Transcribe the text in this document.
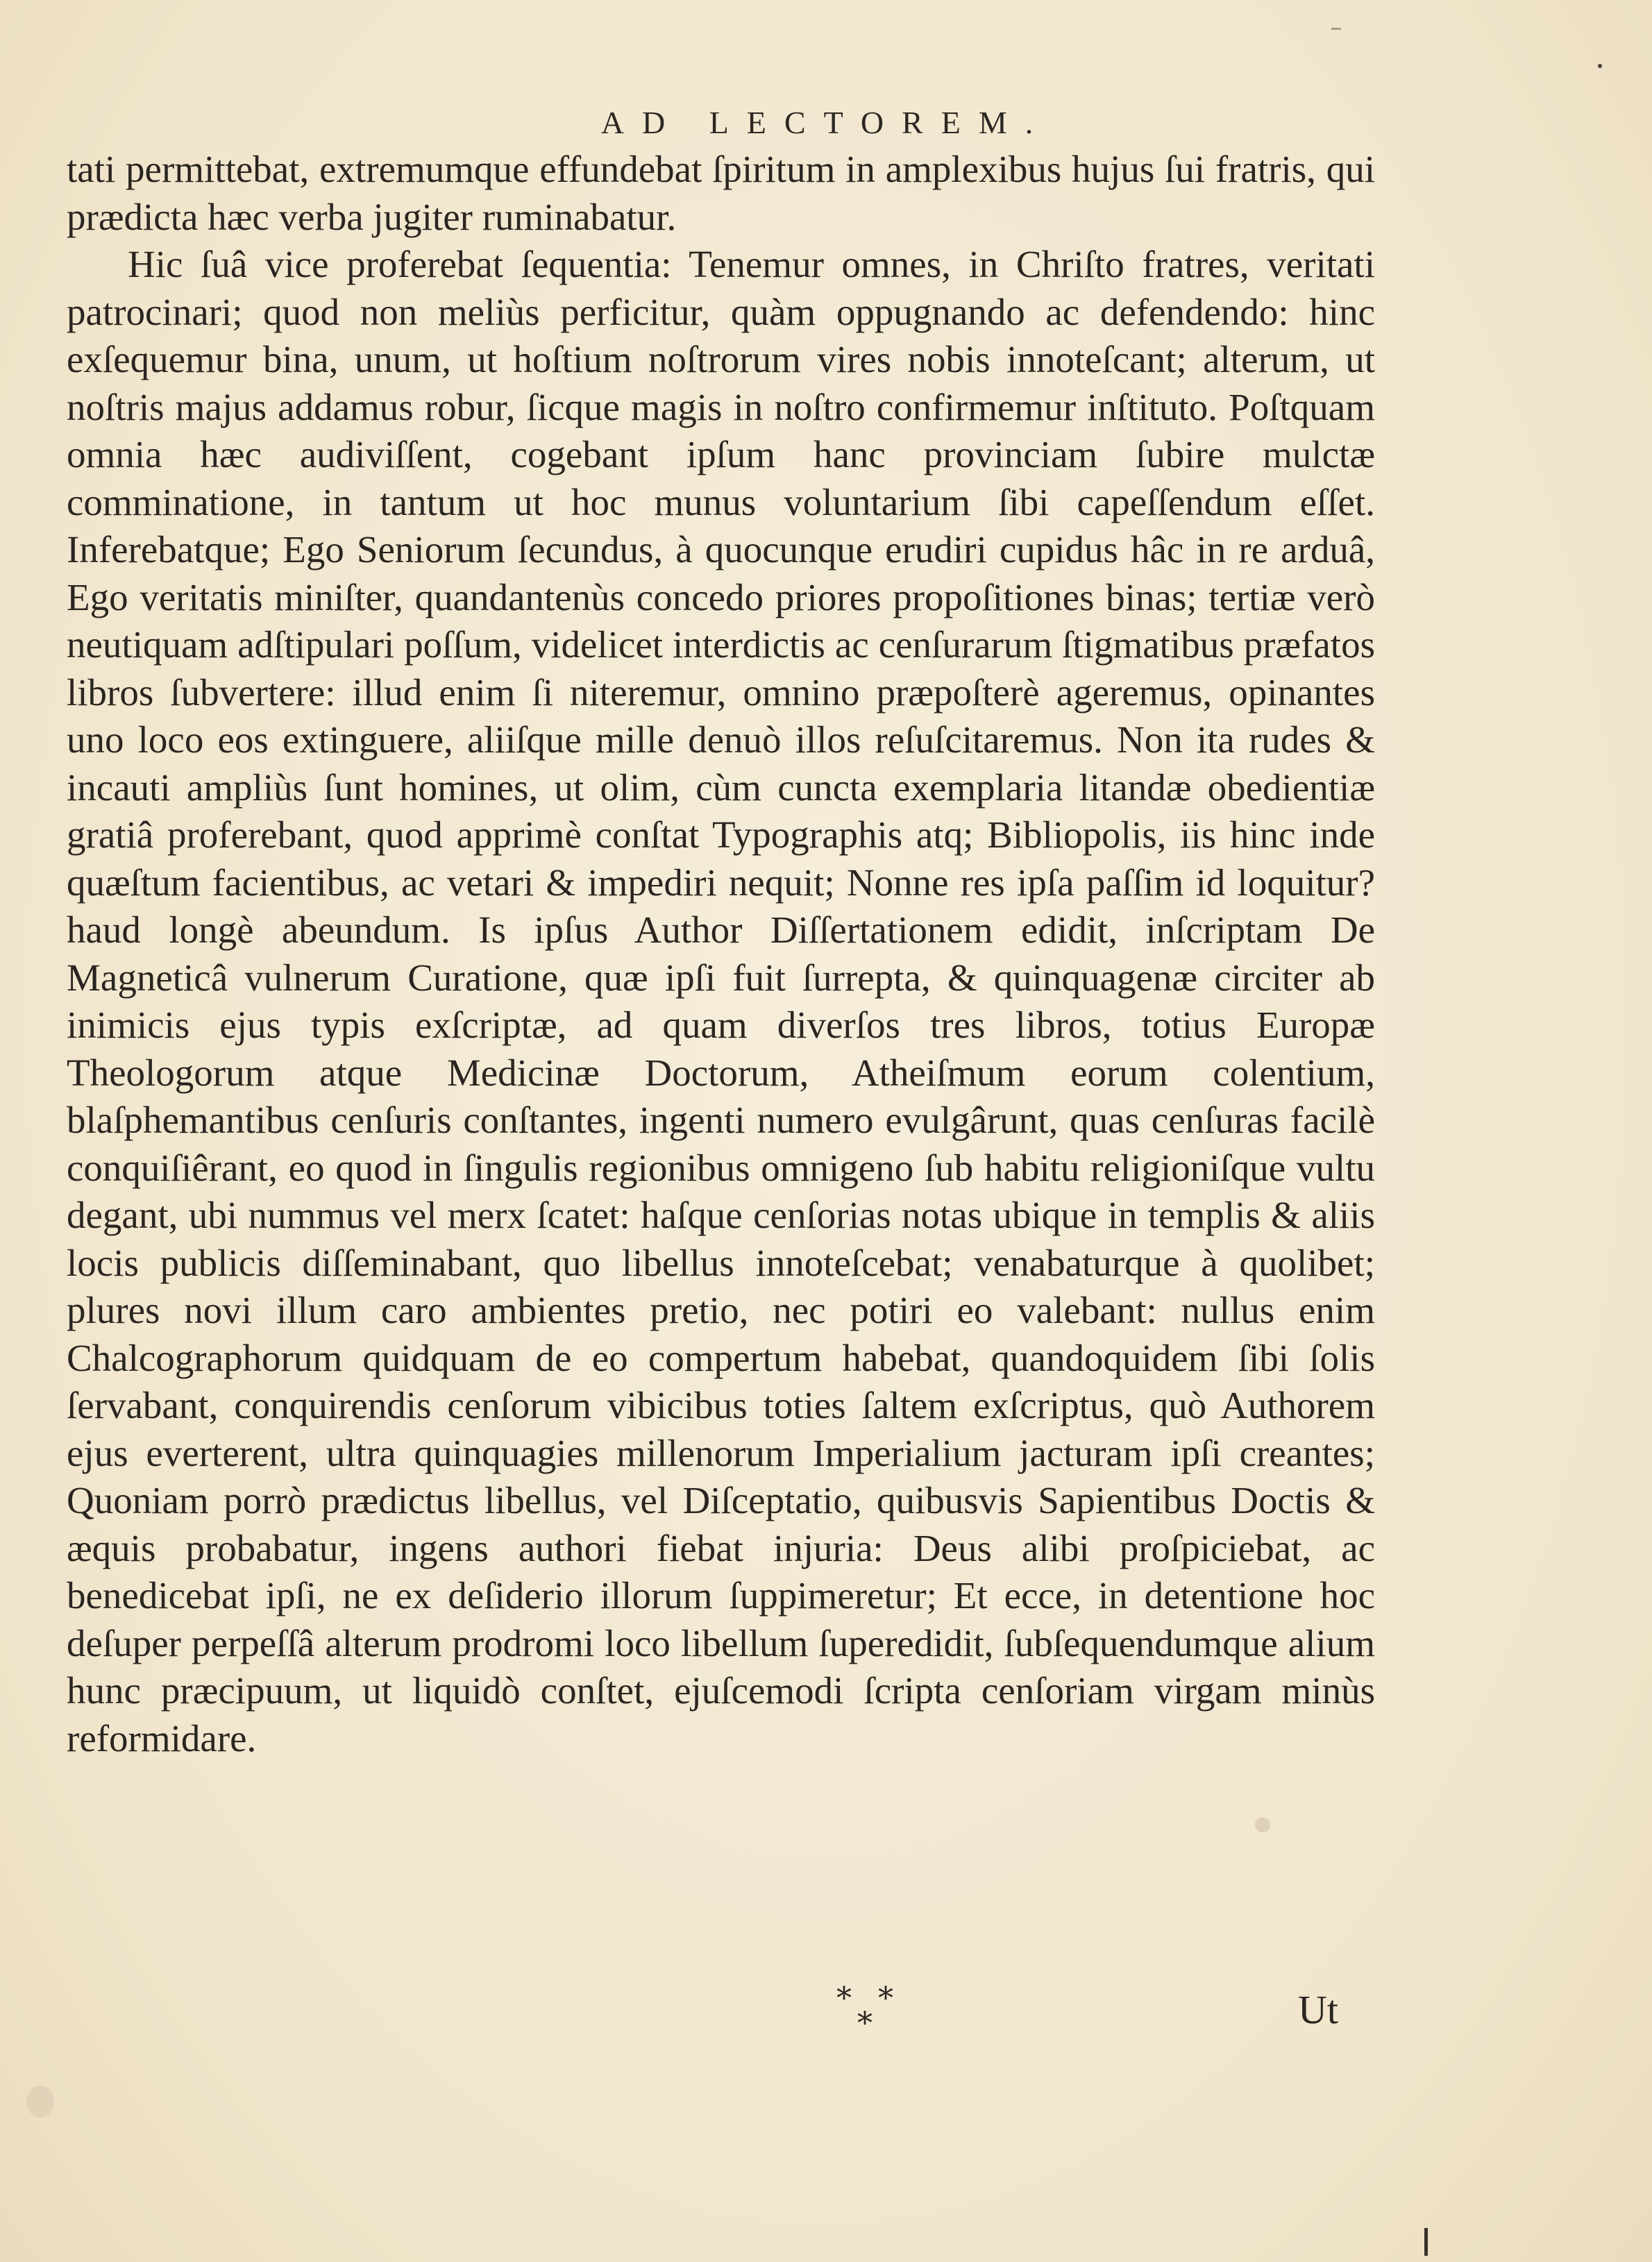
AD LECTOREM.

tati permittebat, extremumque effundebat ſpiritum in amplexibus hujus ſui fratris, qui prædicta hæc verba jugiter ruminabatur.

Hic ſuâ vice proferebat ſequentia: Tenemur omnes, in Chriſto fratres, veritati patrocinari; quod non meliùs perficitur, quàm oppugnando ac defendendo: hinc exſequemur bina, unum, ut hoſtium noſtrorum vires nobis innoteſcant; alterum, ut noſtris majus addamus robur, ſicque magis in noſtro confirmemur inſtituto. Poſtquam omnia hæc audiviſſent, cogebant ipſum hanc provinciam ſubire mulctæ comminatione, in tantum ut hoc munus voluntarium ſibi capeſſendum eſſet. Inferebatque; Ego Seniorum ſecundus, à quocunque erudiri cupidus hâc in re arduâ, Ego veritatis miniſter, quandantenùs concedo priores propoſitiones binas; tertiæ verò neutiquam adſtipulari poſſum, videlicet interdictis ac cenſurarum ſtigmatibus præfatos libros ſubvertere: illud enim ſi niteremur, omnino præpoſterè ageremus, opinantes uno loco eos extinguere, aliiſque mille denuò illos reſuſcitaremus. Non ita rudes & incauti ampliùs ſunt homines, ut olim, cùm cuncta exemplaria litandæ obedientiæ gratiâ proferebant, quod apprimè conſtat Typographis atq; Bibliopolis, iis hinc inde quæſtum facientibus, ac vetari & impediri nequit; Nonne res ipſa paſſim id loquitur? haud longè abeundum. Is ipſus Author Diſſertationem edidit, inſcriptam De Magneticâ vulnerum Curatione, quæ ipſi fuit ſurrepta, & quinquagenæ circiter ab inimicis ejus typis exſcriptæ, ad quam diverſos tres libros, totius Europæ Theologorum atque Medicinæ Doctorum, Atheiſmum eorum colentium, blaſphemantibus cenſuris conſtantes, ingenti numero evulgârunt, quas cenſuras facilè conquiſiêrant, eo quod in ſingulis regionibus omnigeno ſub habitu religioniſque vultu degant, ubi nummus vel merx ſcatet: haſque cenſorias notas ubique in templis & aliis locis publicis diſſeminabant, quo libellus innoteſcebat; venabaturque à quolibet; plures novi illum caro ambientes pretio, nec potiri eo valebant: nullus enim Chalcographorum quidquam de eo compertum habebat, quandoquidem ſibi ſolis ſervabant, conquirendis cenſorum vibicibus toties ſaltem exſcriptus, quò Authorem ejus everterent, ultra quinquagies millenorum Imperialium jacturam ipſi creantes; Quoniam porrò prædictus libellus, vel Diſceptatio, quibusvis Sapientibus Doctis & æquis probabatur, ingens authori fiebat injuria: Deus alibi proſpiciebat, ac benedicebat ipſi, ne ex deſiderio illorum ſuppimeretur; Et ecce, in detentione hoc deſuper perpeſſâ alterum prodromi loco libellum ſuperedidit, ſubſequendumque alium hunc præcipuum, ut liquidò conſtet, ejuſcemodi ſcripta cenſoriam virgam minùs reformidare.

* *
*	Ut
